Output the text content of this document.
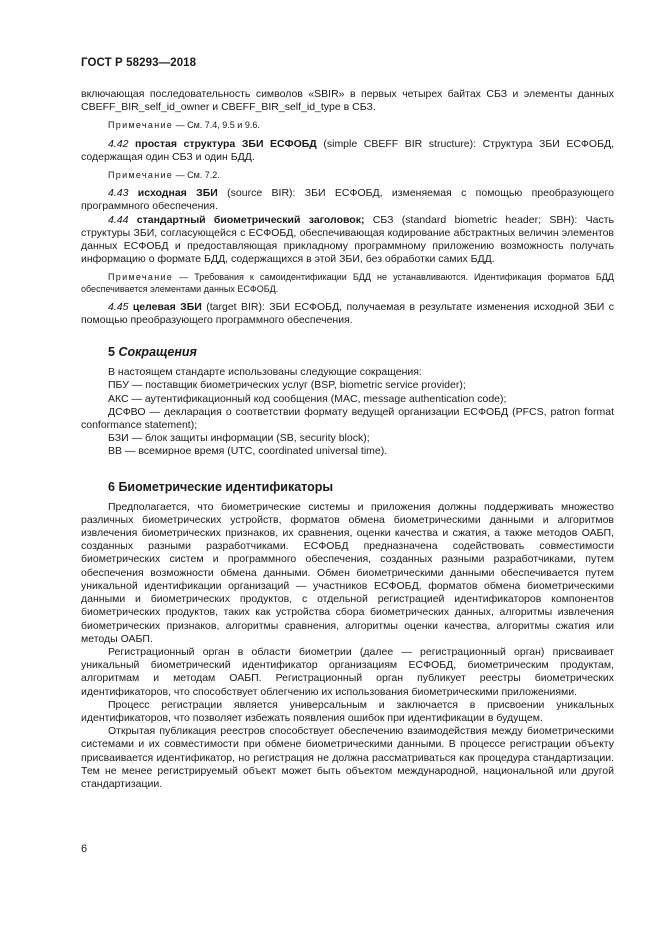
ГОСТ Р 58293—2018

включающая последовательность символов «SBIR» в первых четырех байтах СБЗ и элементы данных CBEFF_BIR_self_id_owner и CBEFF_BIR_self_id_type в СБЗ.

Примечание — См. 7.4, 9.5 и 9.6.

4.42 простая структура ЗБИ ЕСФОБД (simple CBEFF BIR structure): Структура ЗБИ ЕСФОБД, содержащая один СБЗ и один БДД.

Примечание — См. 7.2.

4.43 исходная ЗБИ (source BIR): ЗБИ ЕСФОБД, изменяемая с помощью преобразующего программного обеспечения.

4.44 стандартный биометрический заголовок; СБЗ (standard biometric header; SBH): Часть структуры ЗБИ, согласующейся с ЕСФОБД, обеспечивающая кодирование абстрактных величин элементов данных ЕСФОБД и предоставляющая прикладному программному приложению возможность получать информацию о формате БДД, содержащихся в этой ЗБИ, без обработки самих БДД.

Примечание — Требования к самоидентификации БДД не устанавливаются. Идентификация форматов БДД обеспечивается элементами данных ЕСФОБД.

4.45 целевая ЗБИ (target BIR): ЗБИ ЕСФОБД, получаемая в результате изменения исходной ЗБИ с помощью преобразующего программного обеспечения.

5 Сокращения

В настоящем стандарте использованы следующие сокращения:

ПБУ — поставщик биометрических услуг (BSP, biometric service provider);

АКС — аутентификационный код сообщения (MAC, message authentication code);

ДСФВО — декларация о соответствии формату ведущей организации ЕСФОБД (PFCS, patron format conformance statement);

БЗИ — блок защиты информации (SB, security block);

ВВ — всемирное время (UTC, coordinated universal time).

6 Биометрические идентификаторы

Предполагается, что биометрические системы и приложения должны поддерживать множество различных биометрических устройств, форматов обмена биометрическими данными и алгоритмов извлечения биометрических признаков, их сравнения, оценки качества и сжатия, а также методов ОАБП, созданных разными разработчиками. ЕСФОБД предназначена содействовать совместимости биометрических систем и программного обеспечения, созданных разными разработчиками, путем обеспечения возможности обмена данными. Обмен биометрическими данными обеспечивается путем уникальной идентификации организаций — участников ЕСФОБД, форматов обмена биометрическими данными и биометрических продуктов, с отдельной регистрацией идентификаторов компонентов биометрических продуктов, таких как устройства сбора биометрических данных, алгоритмы извлечения биометрических признаков, алгоритмы сравнения, алгоритмы оценки качества, алгоритмы сжатия или методы ОАБП.

Регистрационный орган в области биометрии (далее — регистрационный орган) присваивает уникальный биометрический идентификатор организациям ЕСФОБД, биометрическим продуктам, алгоритмам и методам ОАБП. Регистрационный орган публикует реестры биометрических идентификаторов, что способствует облегчению их использования биометрическими приложениями.

Процесс регистрации является универсальным и заключается в присвоении уникальных идентификаторов, что позволяет избежать появления ошибок при идентификации в будущем.

Открытая публикация реестров способствует обеспечению взаимодействия между биометрическими системами и их совместимости при обмене биометрическими данными. В процессе регистрации объекту присваивается идентификатор, но регистрация не должна рассматриваться как процедура стандартизации. Тем не менее регистрируемый объект может быть объектом международной, национальной или другой стандартизации.

6
